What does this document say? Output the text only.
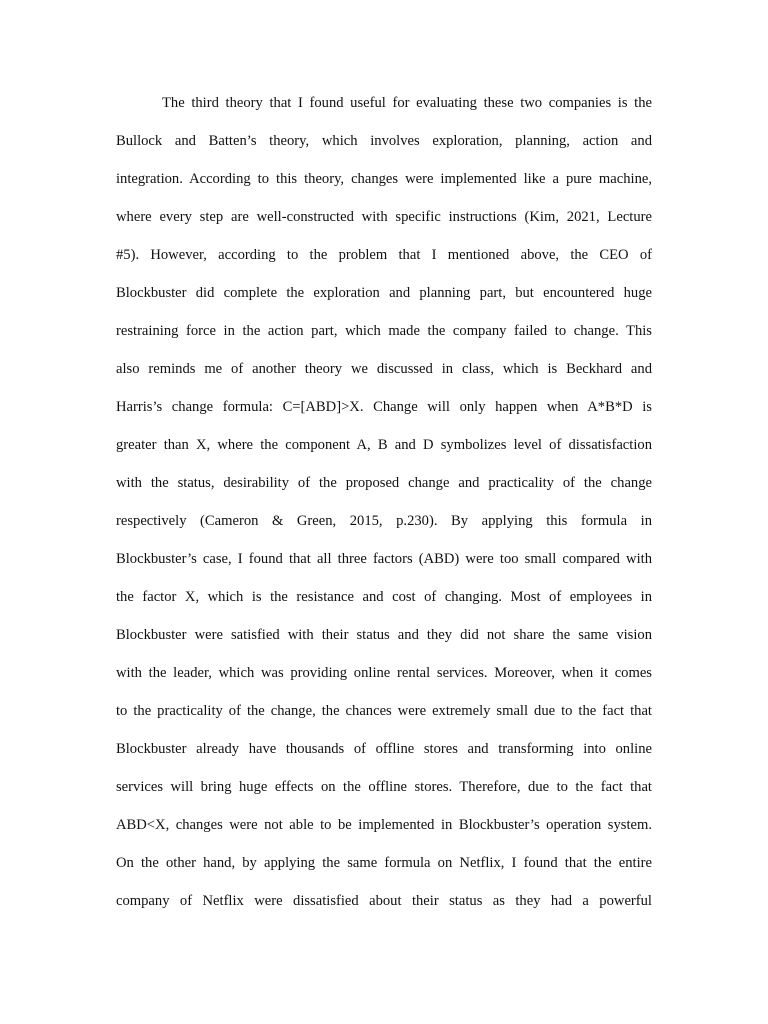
The third theory that I found useful for evaluating these two companies is the
Bullock and Batten’s theory, which involves exploration, planning, action and
integration. According to this theory, changes were implemented like a pure machine,
where every step are well-constructed with specific instructions (Kim, 2021, Lecture
#5). However, according to the problem that I mentioned above, the CEO of
Blockbuster did complete the exploration and planning part, but encountered huge
restraining force in the action part, which made the company failed to change. This
also reminds me of another theory we discussed in class, which is Beckhard and
Harris’s change formula: C=[ABD]>X. Change will only happen when A*B*D is
greater than X, where the component A, B and D symbolizes level of dissatisfaction
with the status, desirability of the proposed change and practicality of the change
respectively (Cameron & Green, 2015, p.230). By applying this formula in
Blockbuster’s case, I found that all three factors (ABD) were too small compared with
the factor X, which is the resistance and cost of changing. Most of employees in
Blockbuster were satisfied with their status and they did not share the same vision
with the leader, which was providing online rental services. Moreover, when it comes
to the practicality of the change, the chances were extremely small due to the fact that
Blockbuster already have thousands of offline stores and transforming into online
services will bring huge effects on the offline stores. Therefore, due to the fact that
ABD<X, changes were not able to be implemented in Blockbuster’s operation system.
On the other hand, by applying the same formula on Netflix, I found that the entire
company of Netflix were dissatisfied about their status as they had a powerful
